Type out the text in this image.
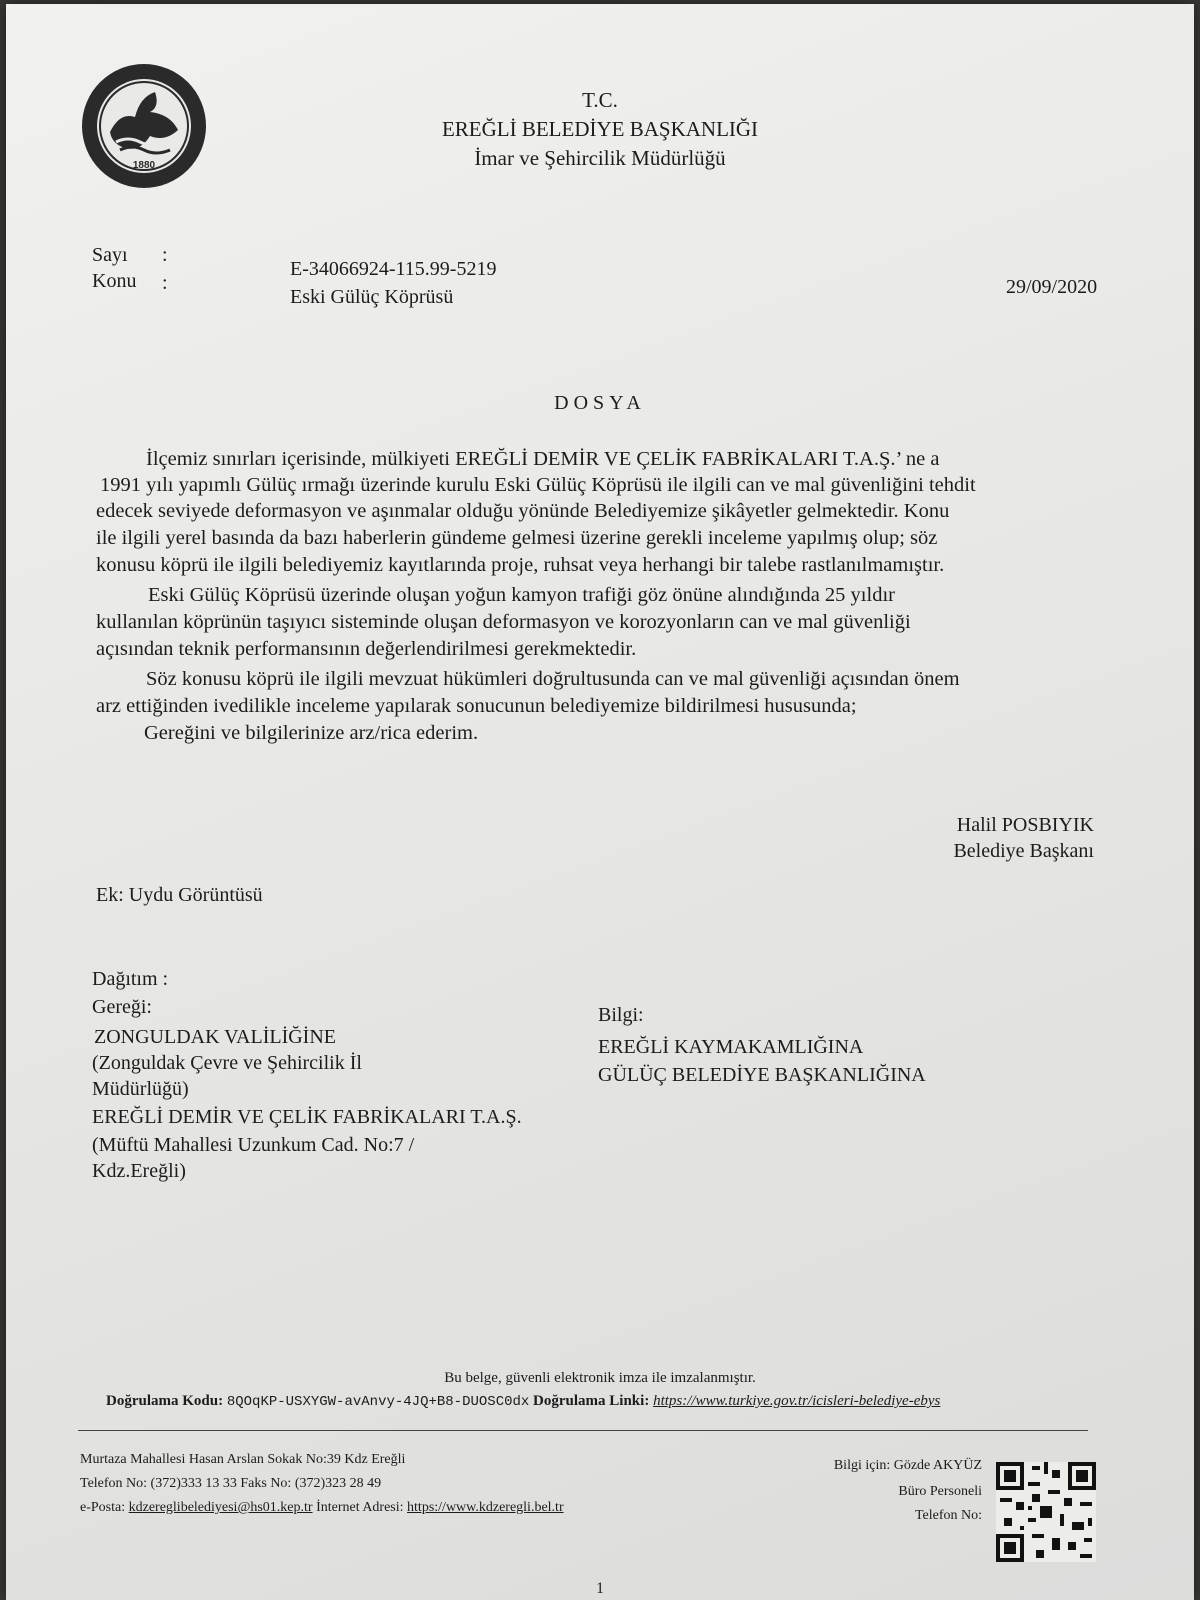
1880
T.C.
EREĞLİ BELEDİYE BAŞKANLIĞI
İmar ve Şehircilik Müdürlüğü
Sayı :
E-34066924-115.99-5219
Konu :
Eski Gülüç Köprüsü	29/09/2020
DOSYA
İlçemiz sınırları içerisinde, mülkiyeti EREĞLİ DEMİR VE ÇELİK FABRİKALARI T.A.Ş.’ ne a
1991 yılı yapımlı Gülüç ırmağı üzerinde kurulu Eski Gülüç Köprüsü ile ilgili can ve mal güvenliğini tehdit
edecek seviyede deformasyon ve aşınmalar olduğu yönünde Belediyemize şikâyetler gelmektedir. Konu
ile ilgili yerel basında da bazı haberlerin gündeme gelmesi üzerine gerekli inceleme yapılmış olup; söz
konusu köprü ile ilgili belediyemiz kayıtlarında proje, ruhsat veya herhangi bir talebe rastlanılmamıştır.
Eski Gülüç Köprüsü üzerinde oluşan yoğun kamyon trafiği göz önüne alındığında 25 yıldır
kullanılan köprünün taşıyıcı sisteminde oluşan deformasyon ve korozyonların can ve mal güvenliği
açısından teknik performansının değerlendirilmesi gerekmektedir.
Söz konusu köprü ile ilgili mevzuat hükümleri doğrultusunda can ve mal güvenliği açısından önem
arz ettiğinden ivedilikle inceleme yapılarak sonucunun belediyemize bildirilmesi hususunda;
Gereğini ve bilgilerinize arz/rica ederim.
Halil POSBIYIK
Belediye Başkanı
Ek: Uydu Görüntüsü
Dağıtım :
Gereği:
ZONGULDAK VALİLİĞİNE
(Zonguldak Çevre ve Şehircilik İl
Müdürlüğü)
EREĞLİ DEMİR VE ÇELİK FABRİKALARI T.A.Ş.
(Müftü Mahallesi Uzunkum Cad. No:7 /
Kdz.Ereğli)
Bilgi:
EREĞLİ KAYMAKAMLIĞINA
GÜLÜÇ BELEDİYE BAŞKANLIĞINA
Bu belge, güvenli elektronik imza ile imzalanmıştır.
Doğrulama Kodu: 8QOqKP-USXYGW-avAnvy-4JQ+B8-DUOSC0dx Doğrulama Linki: https://www.turkiye.gov.tr/icisleri-belediye-ebys
Murtaza Mahallesi Hasan Arslan Sokak No:39 Kdz Ereğli
Telefon No: (372)333 13 33 Faks No: (372)323 28 49
e-Posta: kdzereglibelediyesi@hs01.kep.tr İnternet Adresi: https://www.kdzeregli.bel.tr
Bilgi için: Gözde AKYÜZ
Büro Personeli
Telefon No:
1
